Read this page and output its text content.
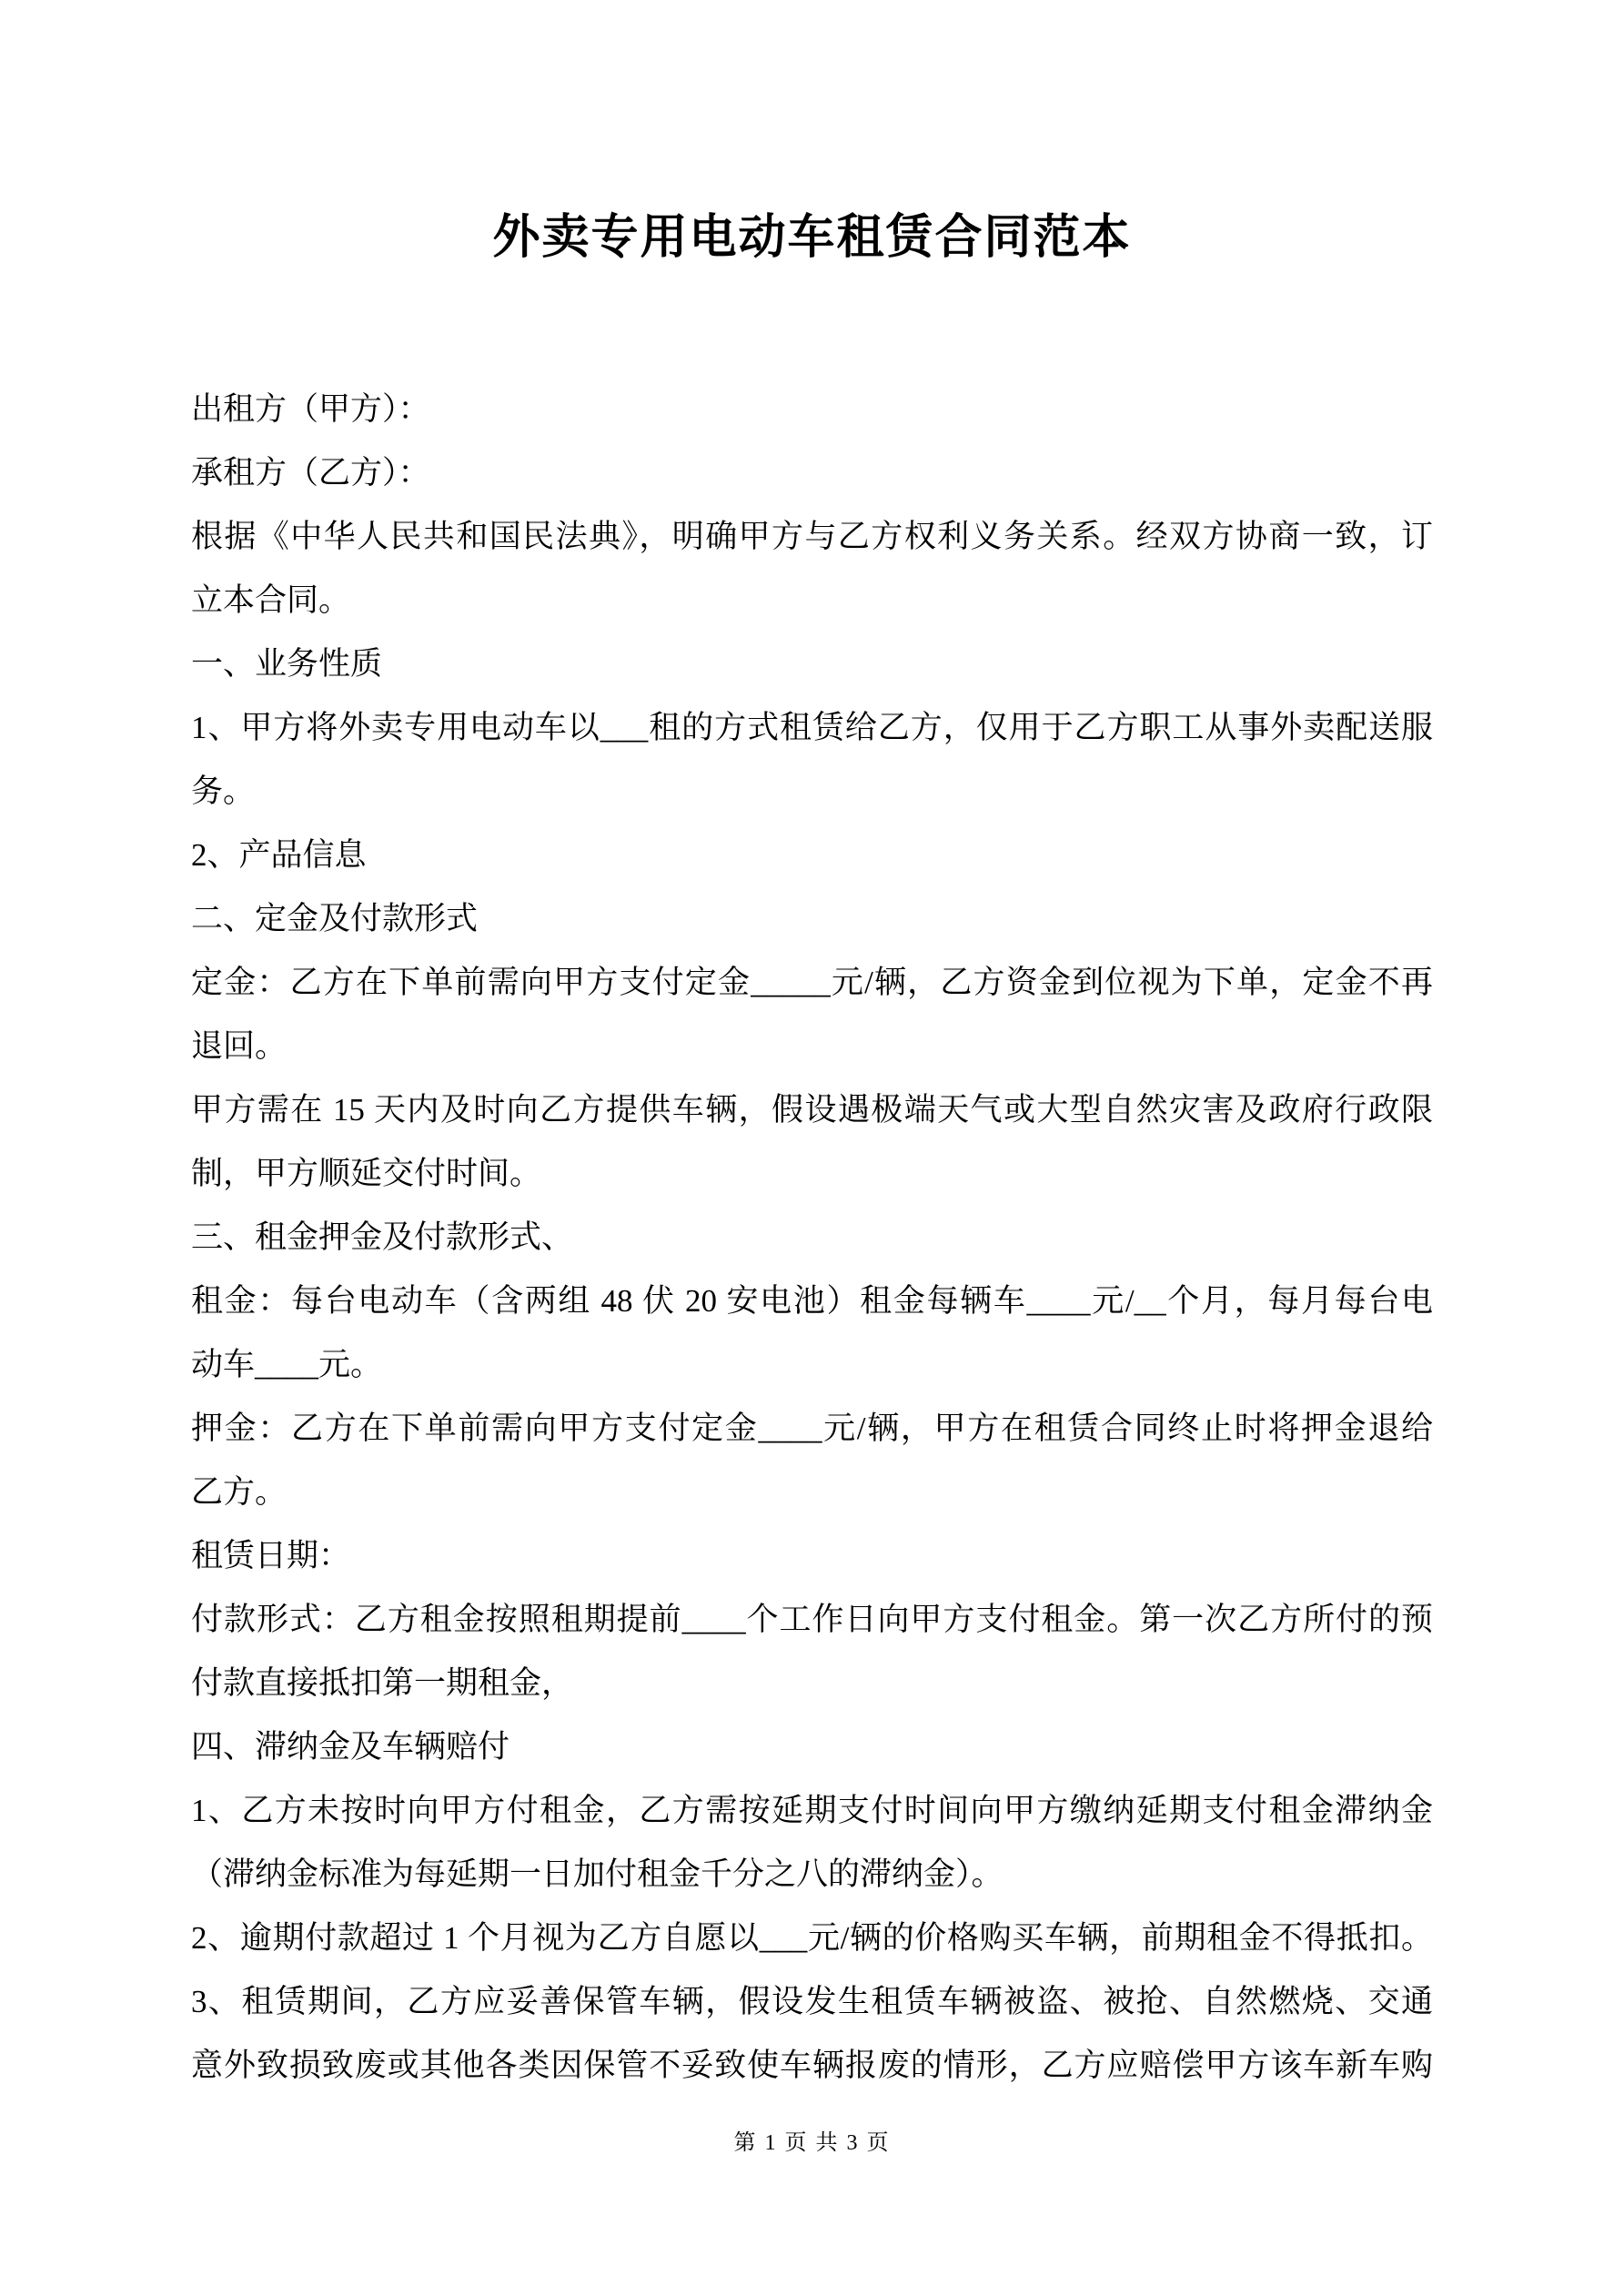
外卖专用电动车租赁合同范本
出租方（甲方）：
承租方（乙方）：
根据《中华人民共和国民法典》，明确甲方与乙方权利义务关系。经双方协商一致，订
立本合同。
一、业务性质
1、甲方将外卖专用电动车以___租的方式租赁给乙方，仅用于乙方职工从事外卖配送服
务。
2、产品信息
二、定金及付款形式
定金：乙方在下单前需向甲方支付定金_____元/辆，乙方资金到位视为下单，定金不再
退回。
甲方需在 15 天内及时向乙方提供车辆，假设遇极端天气或大型自然灾害及政府行政限
制，甲方顺延交付时间。
三、租金押金及付款形式、
租金：每台电动车（含两组 48 伏 20 安电池）租金每辆车____元/__个月，每月每台电
动车____元。
押金：乙方在下单前需向甲方支付定金____元/辆，甲方在租赁合同终止时将押金退给
乙方。
租赁日期：
付款形式：乙方租金按照租期提前____个工作日向甲方支付租金。第一次乙方所付的预
付款直接抵扣第一期租金，
四、滞纳金及车辆赔付
1、乙方未按时向甲方付租金，乙方需按延期支付时间向甲方缴纳延期支付租金滞纳金
（滞纳金标准为每延期一日加付租金千分之八的滞纳金）。
2、逾期付款超过 1 个月视为乙方自愿以___元/辆的价格购买车辆，前期租金不得抵扣。
3、租赁期间，乙方应妥善保管车辆，假设发生租赁车辆被盗、被抢、自然燃烧、交通
意外致损致废或其他各类因保管不妥致使车辆报废的情形，乙方应赔偿甲方该车新车购
第 1 页 共 3 页
